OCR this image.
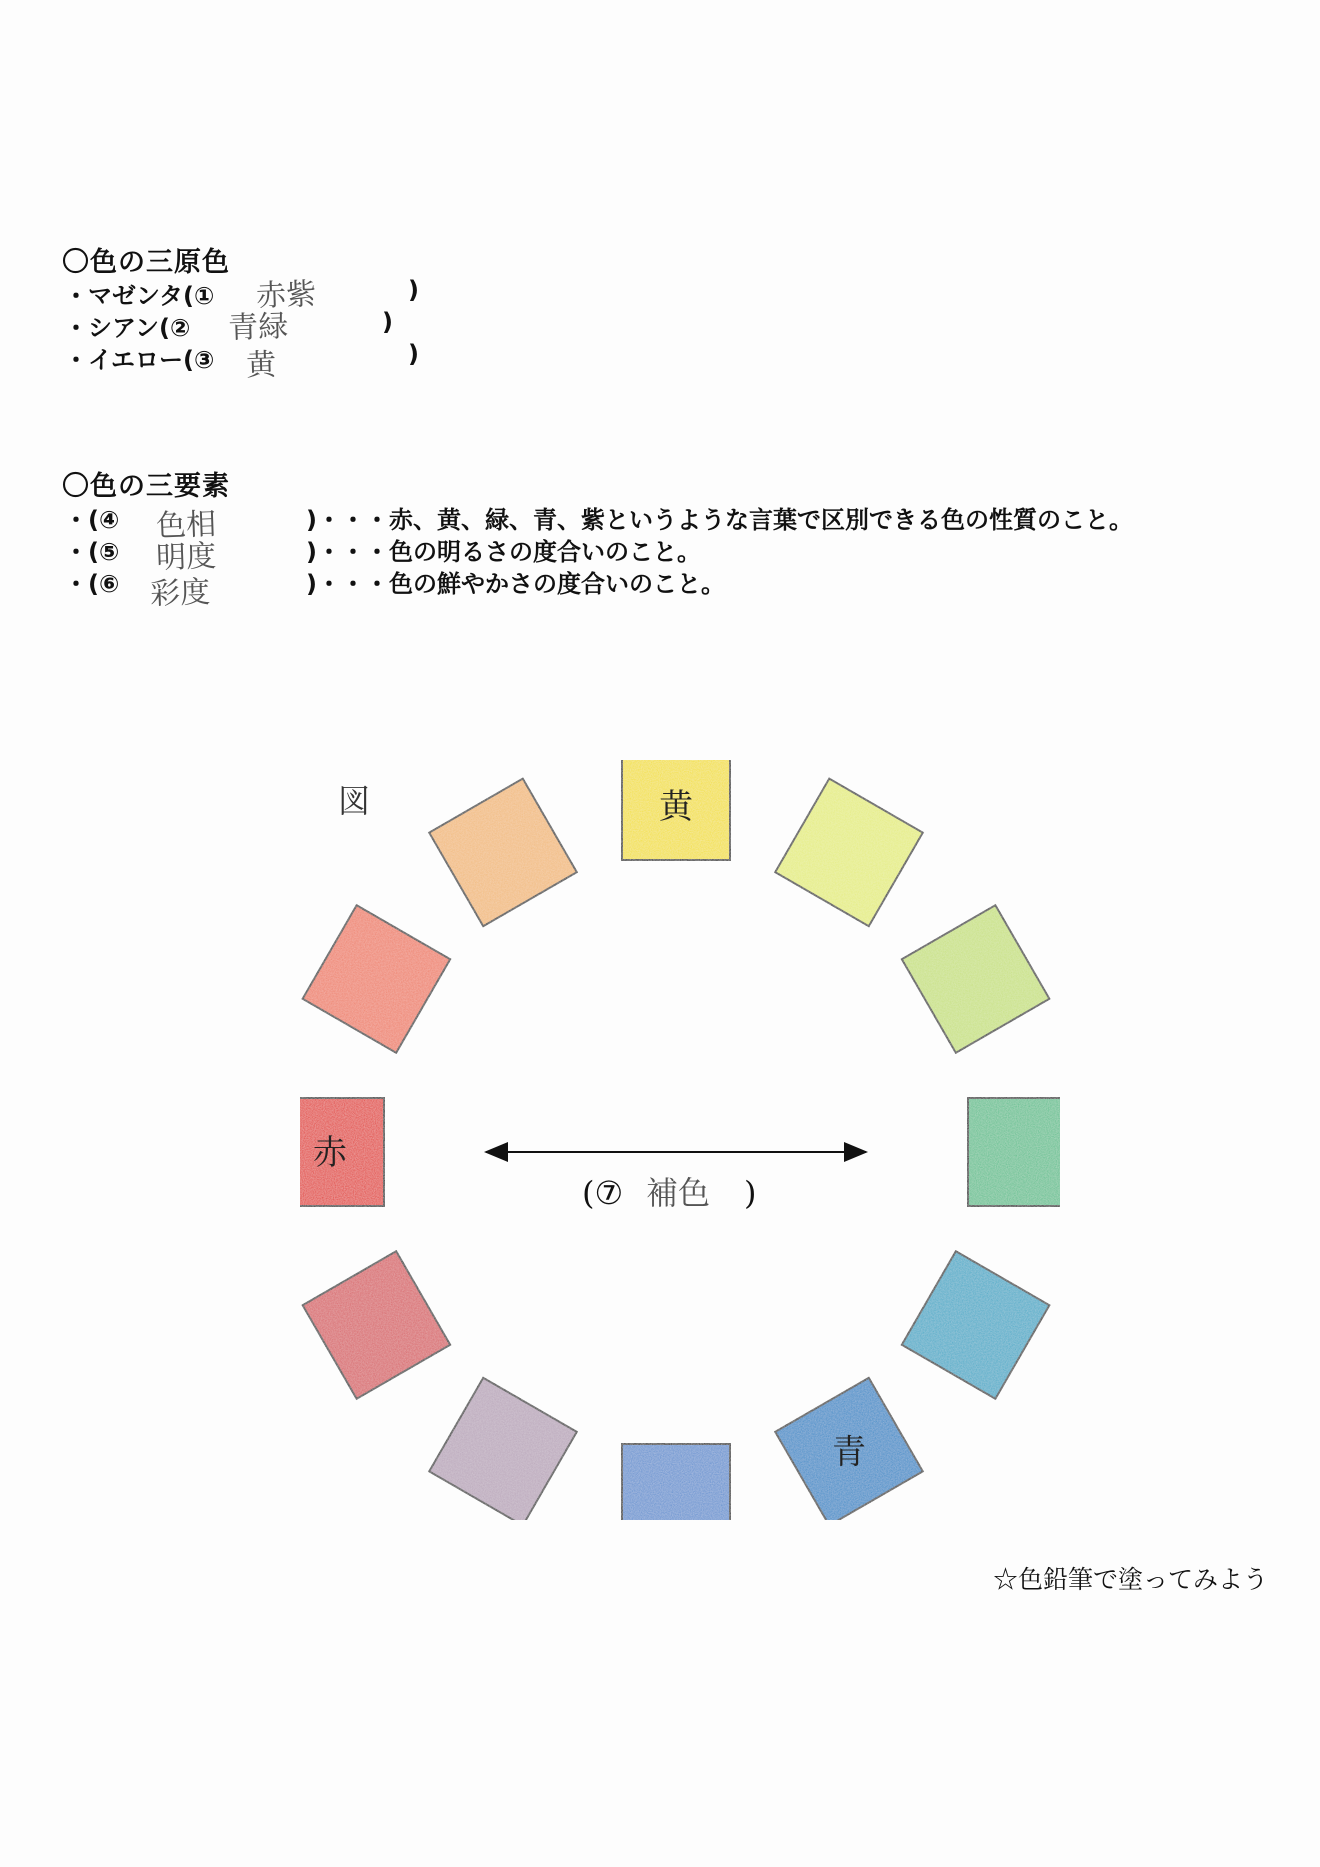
〇色の三原色
・マゼンタ(① 赤紫	)
・シアン(② 青緑	)
・イエロー(③ 黄	)
〇色の三要素
・(④ 色相	)・・・赤、黄、緑、青、紫というような言葉で区別できる色の性質のこと。
・(⑤ 明度	)・・・色の明るさの度合いのこと。
・(⑥ 彩度	)・・・色の鮮やかさの度合いのこと。
図	黄
青
赤
(⑦ 補色 )
☆色鉛筆で塗ってみよう
